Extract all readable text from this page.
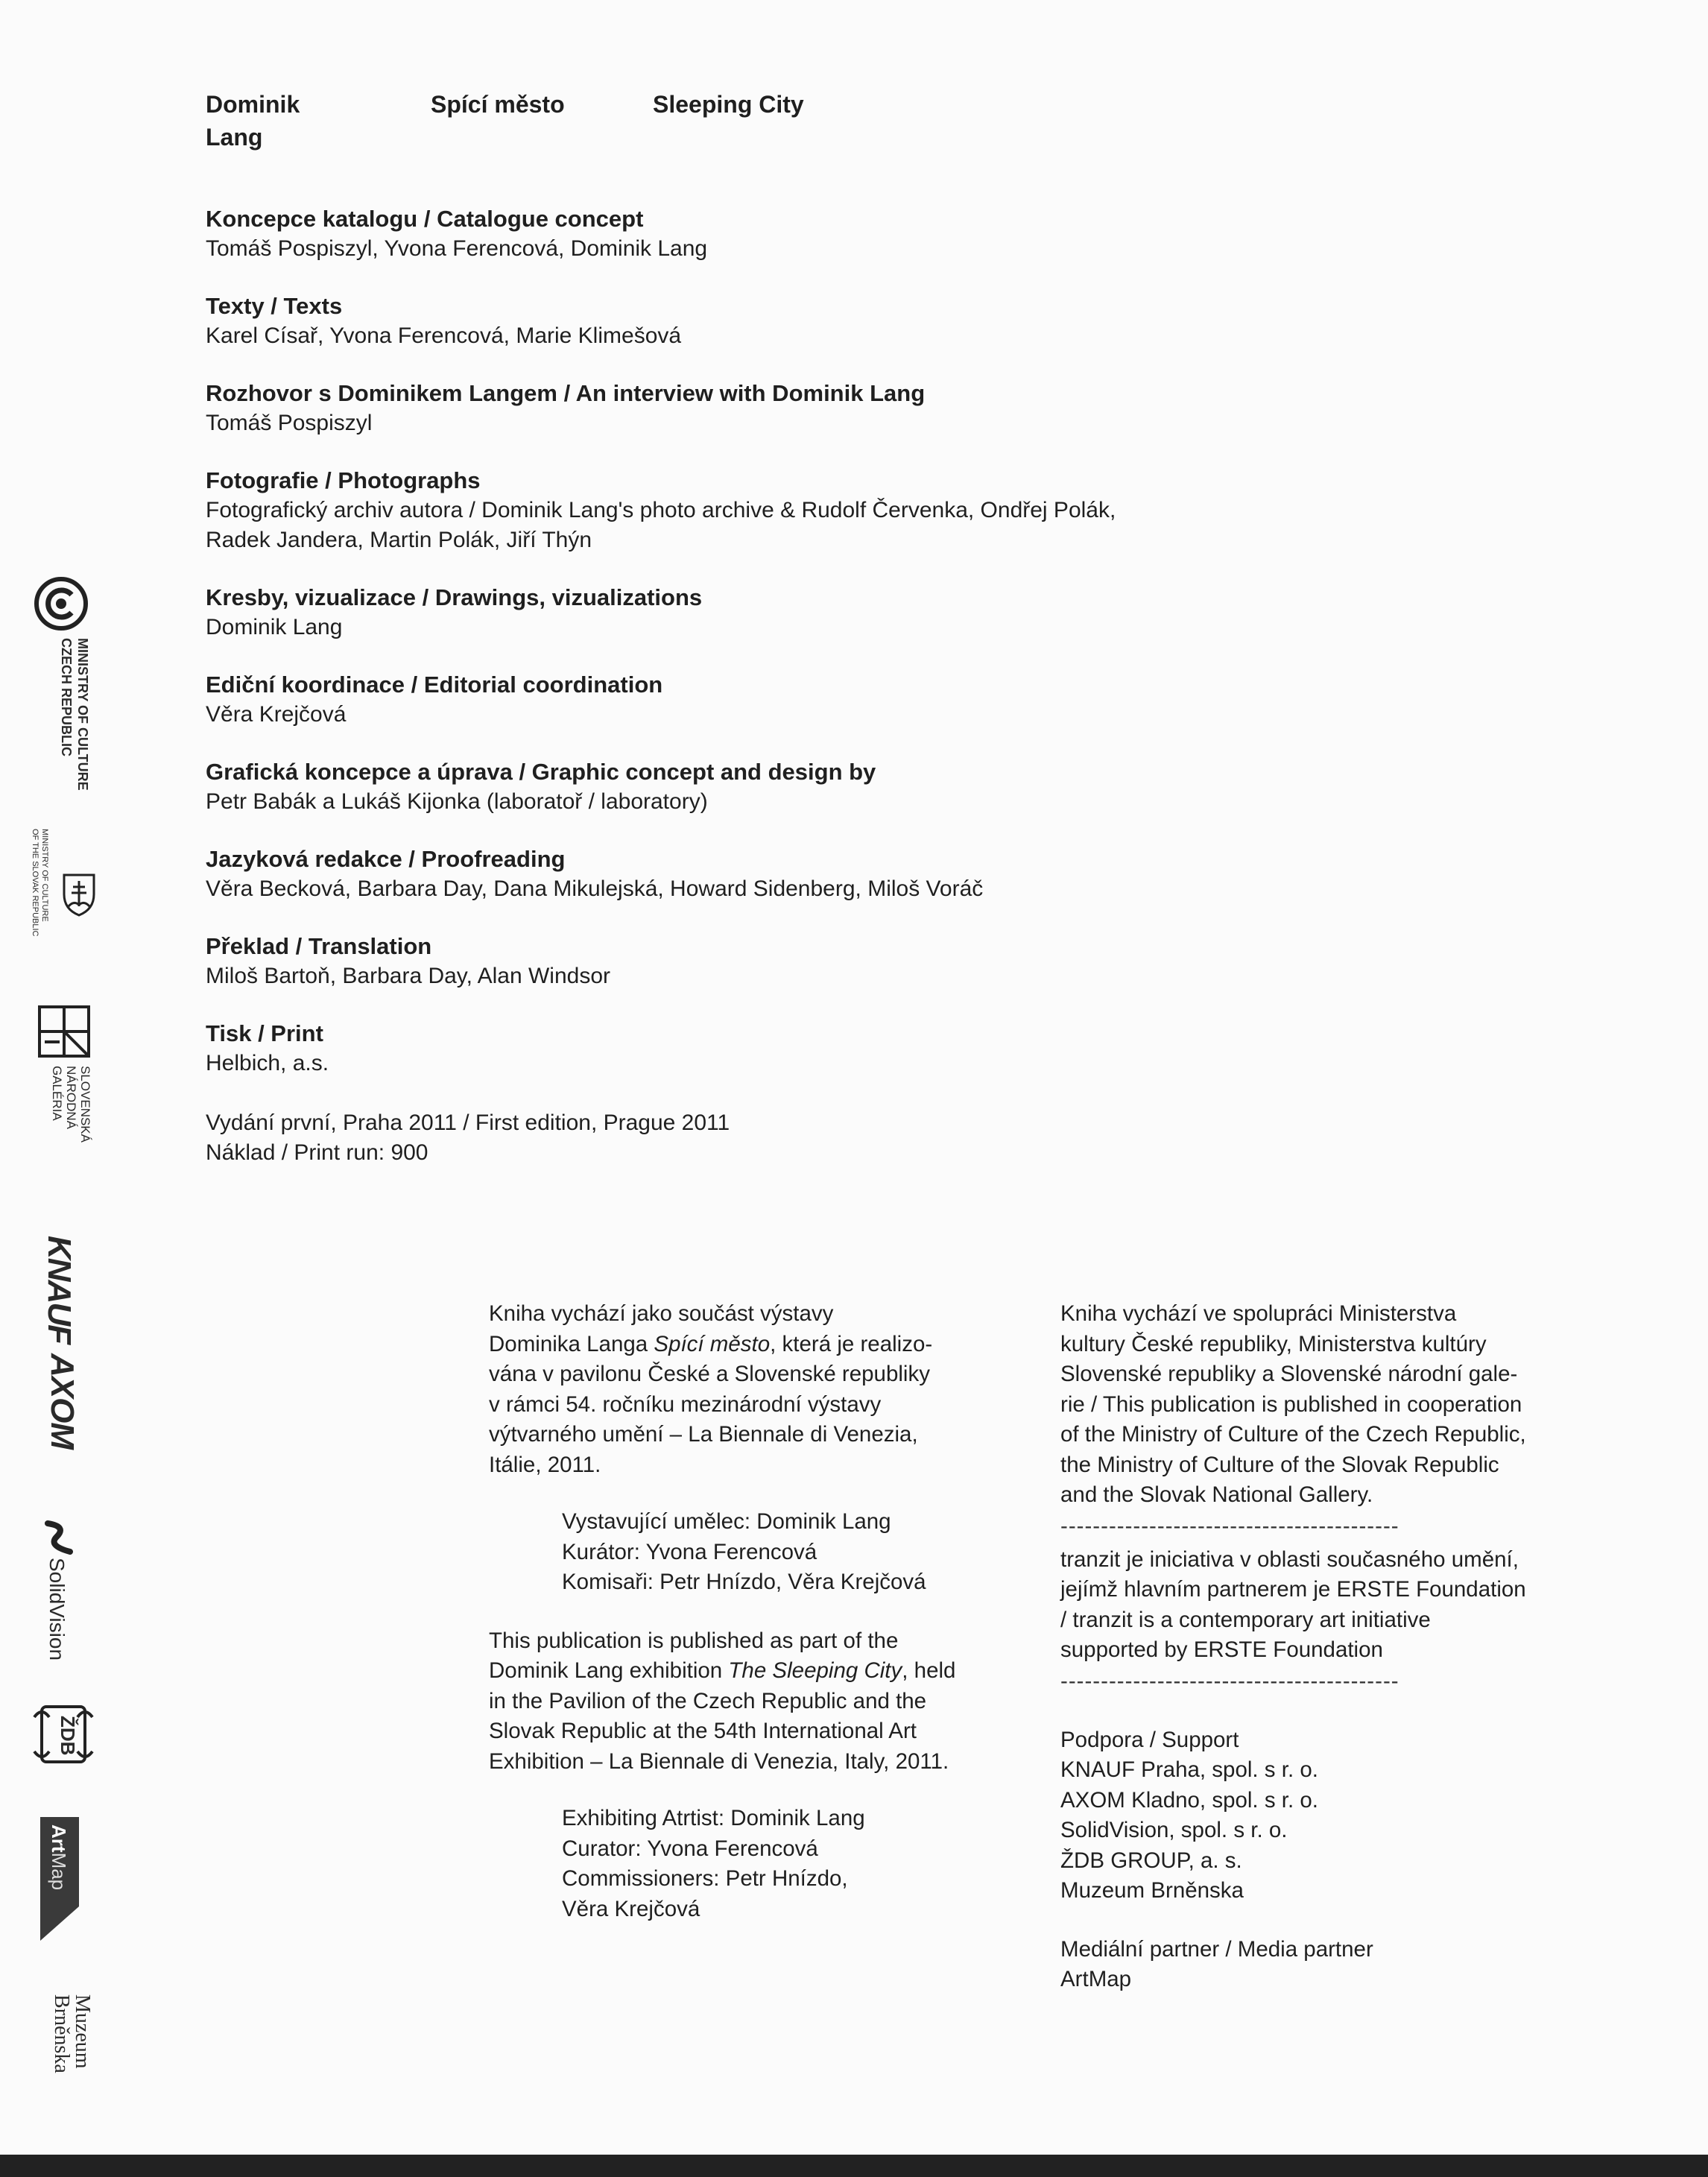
Dominik Lang
Spící město	Sleeping City
Koncepce katalogu / Catalogue concept
Tomáš Pospiszyl, Yvona Ferencová, Dominik Lang
Texty / Texts
Karel Císař, Yvona Ferencová, Marie Klimešová
Rozhovor s Dominikem Langem / An interview with Dominik Lang
Tomáš Pospiszyl
Fotografie / Photographs
Fotografický archiv autora / Dominik Lang's photo archive & Rudolf Červenka, Ondřej Polák,
Radek Jandera, Martin Polák, Jiří Thýn
Kresby, vizualizace / Drawings, vizualizations
Dominik Lang
Ediční koordinace / Editorial coordination
Věra Krejčová
Grafická koncepce a úprava / Graphic concept and design by
Petr Babák a Lukáš Kijonka (laboratoř / laboratory)
Jazyková redakce / Proofreading
Věra Becková, Barbara Day, Dana Mikulejská, Howard Sidenberg, Miloš Voráč
Překlad / Translation
Miloš Bartoň, Barbara Day, Alan Windsor
Tisk / Print
Helbich, a.s.
Vydání první, Praha 2011 / First edition, Prague 2011
Náklad / Print run: 900

Kniha vychází jako součást výstavy

Dominika Langa Spící město, která je realizo-

vána v pavilonu České a Slovenské republiky

v rámci 54. ročníku mezinárodní výstavy

výtvarného umění – La Biennale di Venezia,

Itálie, 2011.

Vystavující umělec: Dominik Lang

Kurátor: Yvona Ferencová

Komisaři: Petr Hnízdo, Věra Krejčová

This publication is published as part of the

Dominik Lang exhibition The Sleeping City, held

in the Pavilion of the Czech Republic and the

Slovak Republic at the 54th International Art

Exhibition – La Biennale di Venezia, Italy, 2011.

Exhibiting Atrtist: Dominik Lang

Curator: Yvona Ferencová

Commissioners: Petr Hnízdo,

Věra Krejčová

Kniha vychází ve spolupráci Ministerstva

kultury České republiky, Ministerstva kultúry

Slovenské republiky a Slovenské národní gale-

rie / This publication is published in cooperation

of the Ministry of Culture of the Czech Republic,

the Ministry of Culture of the Slovak Republic

and the Slovak National Gallery.

------------------------------------------

tranzit je iniciativa v oblasti současného umění,

jejímž hlavním partnerem je ERSTE Foundation

/ tranzit is a contemporary art initiative

supported by ERSTE Foundation

------------------------------------------

Podpora / Support

KNAUF Praha, spol. s r. o.

AXOM Kladno, spol. s r. o.

SolidVision, spol. s r. o.

ŽDB GROUP, a. s.

Muzeum Brněnska

Mediální partner / Media partner

ArtMap

MINISTRY OF CULTURE
CZECH REPUBLIC
MINISTRY OF CULTURE
OF THE SLOVAK REPUBLIC
SLOVENSKÁ
NÁRODNÁ
GALÉRIA
KNAUF
AXOM
SolidVision
ŽDB
ArtMap
Muzeum
Brněnska
